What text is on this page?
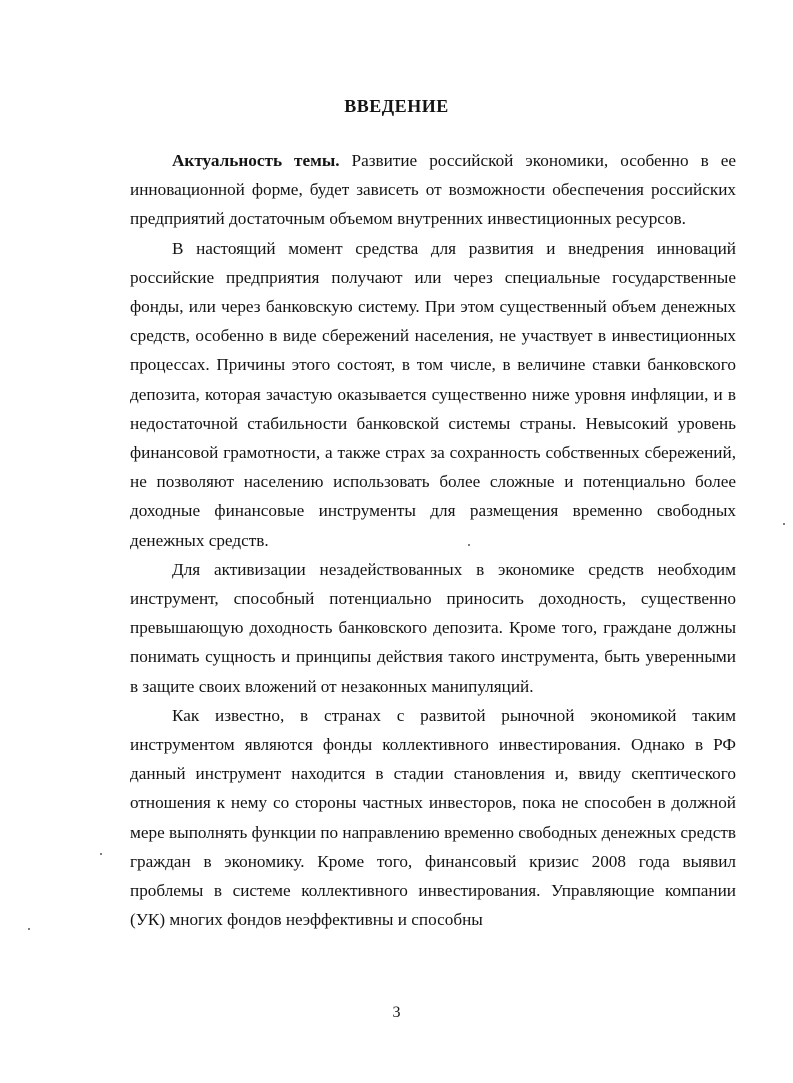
ВВЕДЕНИЕ

Актуальность темы. Развитие российской экономики, особенно в ее инновационной форме, будет зависеть от возможности обеспечения российских предприятий достаточным объемом внутренних инвестиционных ресурсов.

В настоящий момент средства для развития и внедрения инноваций российские предприятия получают или через специальные государственные фонды, или через банковскую систему. При этом существенный объем денежных средств, особенно в виде сбережений населения, не участвует в инвестиционных процессах. Причины этого состоят, в том числе, в величине ставки банковского депозита, которая зачастую оказывается существенно ниже уровня инфляции, и в недостаточной стабильности банковской системы страны. Невысокий уровень финансовой грамотности, а также страх за сохранность собственных сбережений, не позволяют населению использовать более сложные и потенциально более доходные финансовые инструменты для размещения временно свободных денежных средств.

Для активизации незадействованных в экономике средств необходим инструмент, способный потенциально приносить доходность, существенно превышающую доходность банковского депозита. Кроме того, граждане должны понимать сущность и принципы действия такого инструмента, быть уверенными в защите своих вложений от незаконных манипуляций.

Как известно, в странах с развитой рыночной экономикой таким инструментом являются фонды коллективного инвестирования. Однако в РФ данный инструмент находится в стадии становления и, ввиду скептического отношения к нему со стороны частных инвесторов, пока не способен в должной мере выполнять функции по направлению временно свободных денежных средств граждан в экономику. Кроме того, финансовый кризис 2008 года выявил проблемы в системе коллективного инвестирования. Управляющие компании (УК) многих фондов неэффективны и способны

3
